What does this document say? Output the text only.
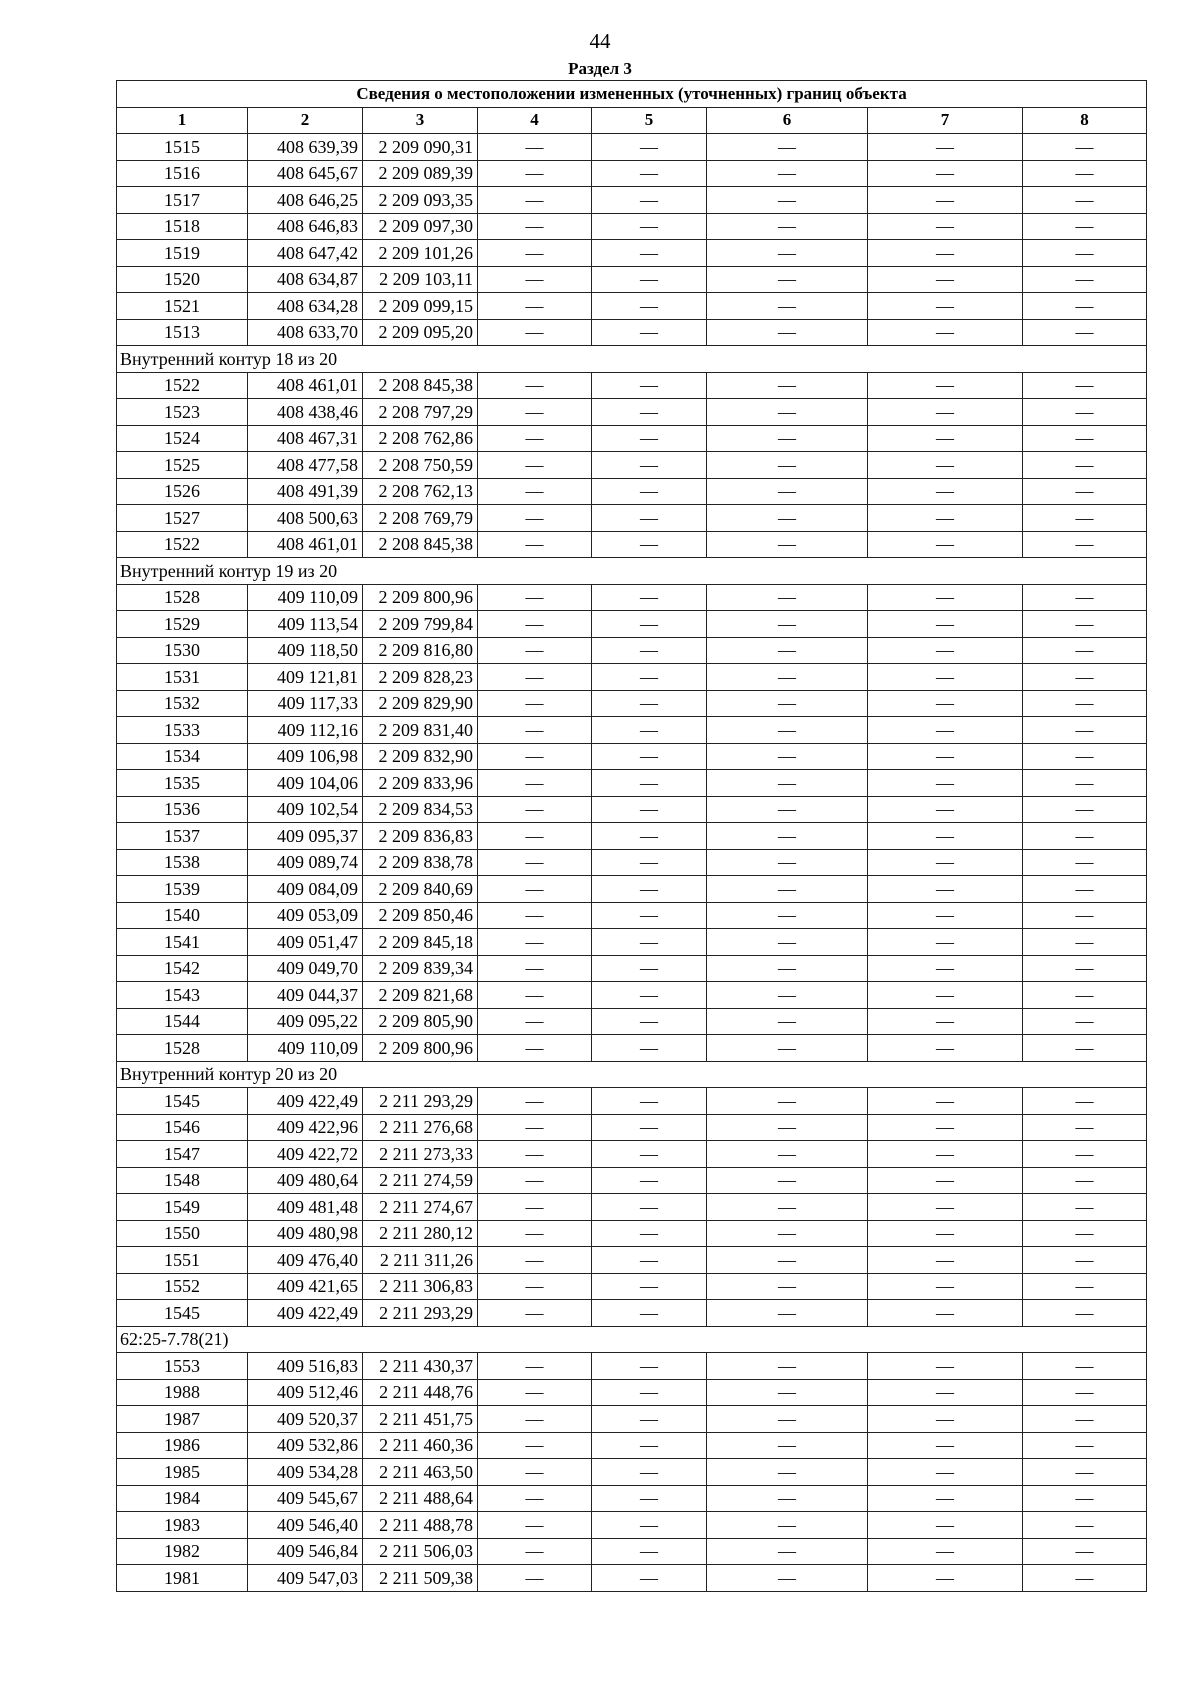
44
Раздел 3
Сведения о местоположении измененных (уточненных) границ объекта							
1	2	3	4	5	6	7	8
1515	408 639,39	2 209 090,31	—	—	—	—	—
1516	408 645,67	2 209 089,39	—	—	—	—	—
1517	408 646,25	2 209 093,35	—	—	—	—	—
1518	408 646,83	2 209 097,30	—	—	—	—	—
1519	408 647,42	2 209 101,26	—	—	—	—	—
1520	408 634,87	2 209 103,11	—	—	—	—	—
1521	408 634,28	2 209 099,15	—	—	—	—	—
1513	408 633,70	2 209 095,20	—	—	—	—	—
Внутренний контур 18 из 20							
1522	408 461,01	2 208 845,38	—	—	—	—	—
1523	408 438,46	2 208 797,29	—	—	—	—	—
1524	408 467,31	2 208 762,86	—	—	—	—	—
1525	408 477,58	2 208 750,59	—	—	—	—	—
1526	408 491,39	2 208 762,13	—	—	—	—	—
1527	408 500,63	2 208 769,79	—	—	—	—	—
1522	408 461,01	2 208 845,38	—	—	—	—	—
Внутренний контур 19 из 20							
1528	409 110,09	2 209 800,96	—	—	—	—	—
1529	409 113,54	2 209 799,84	—	—	—	—	—
1530	409 118,50	2 209 816,80	—	—	—	—	—
1531	409 121,81	2 209 828,23	—	—	—	—	—
1532	409 117,33	2 209 829,90	—	—	—	—	—
1533	409 112,16	2 209 831,40	—	—	—	—	—
1534	409 106,98	2 209 832,90	—	—	—	—	—
1535	409 104,06	2 209 833,96	—	—	—	—	—
1536	409 102,54	2 209 834,53	—	—	—	—	—
1537	409 095,37	2 209 836,83	—	—	—	—	—
1538	409 089,74	2 209 838,78	—	—	—	—	—
1539	409 084,09	2 209 840,69	—	—	—	—	—
1540	409 053,09	2 209 850,46	—	—	—	—	—
1541	409 051,47	2 209 845,18	—	—	—	—	—
1542	409 049,70	2 209 839,34	—	—	—	—	—
1543	409 044,37	2 209 821,68	—	—	—	—	—
1544	409 095,22	2 209 805,90	—	—	—	—	—
1528	409 110,09	2 209 800,96	—	—	—	—	—
Внутренний контур 20 из 20							
1545	409 422,49	2 211 293,29	—	—	—	—	—
1546	409 422,96	2 211 276,68	—	—	—	—	—
1547	409 422,72	2 211 273,33	—	—	—	—	—
1548	409 480,64	2 211 274,59	—	—	—	—	—
1549	409 481,48	2 211 274,67	—	—	—	—	—
1550	409 480,98	2 211 280,12	—	—	—	—	—
1551	409 476,40	2 211 311,26	—	—	—	—	—
1552	409 421,65	2 211 306,83	—	—	—	—	—
1545	409 422,49	2 211 293,29	—	—	—	—	—
62:25-7.78(21)							
1553	409 516,83	2 211 430,37	—	—	—	—	—
1988	409 512,46	2 211 448,76	—	—	—	—	—
1987	409 520,37	2 211 451,75	—	—	—	—	—
1986	409 532,86	2 211 460,36	—	—	—	—	—
1985	409 534,28	2 211 463,50	—	—	—	—	—
1984	409 545,67	2 211 488,64	—	—	—	—	—
1983	409 546,40	2 211 488,78	—	—	—	—	—
1982	409 546,84	2 211 506,03	—	—	—	—	—
1981	409 547,03	2 211 509,38	—	—	—	—	—
